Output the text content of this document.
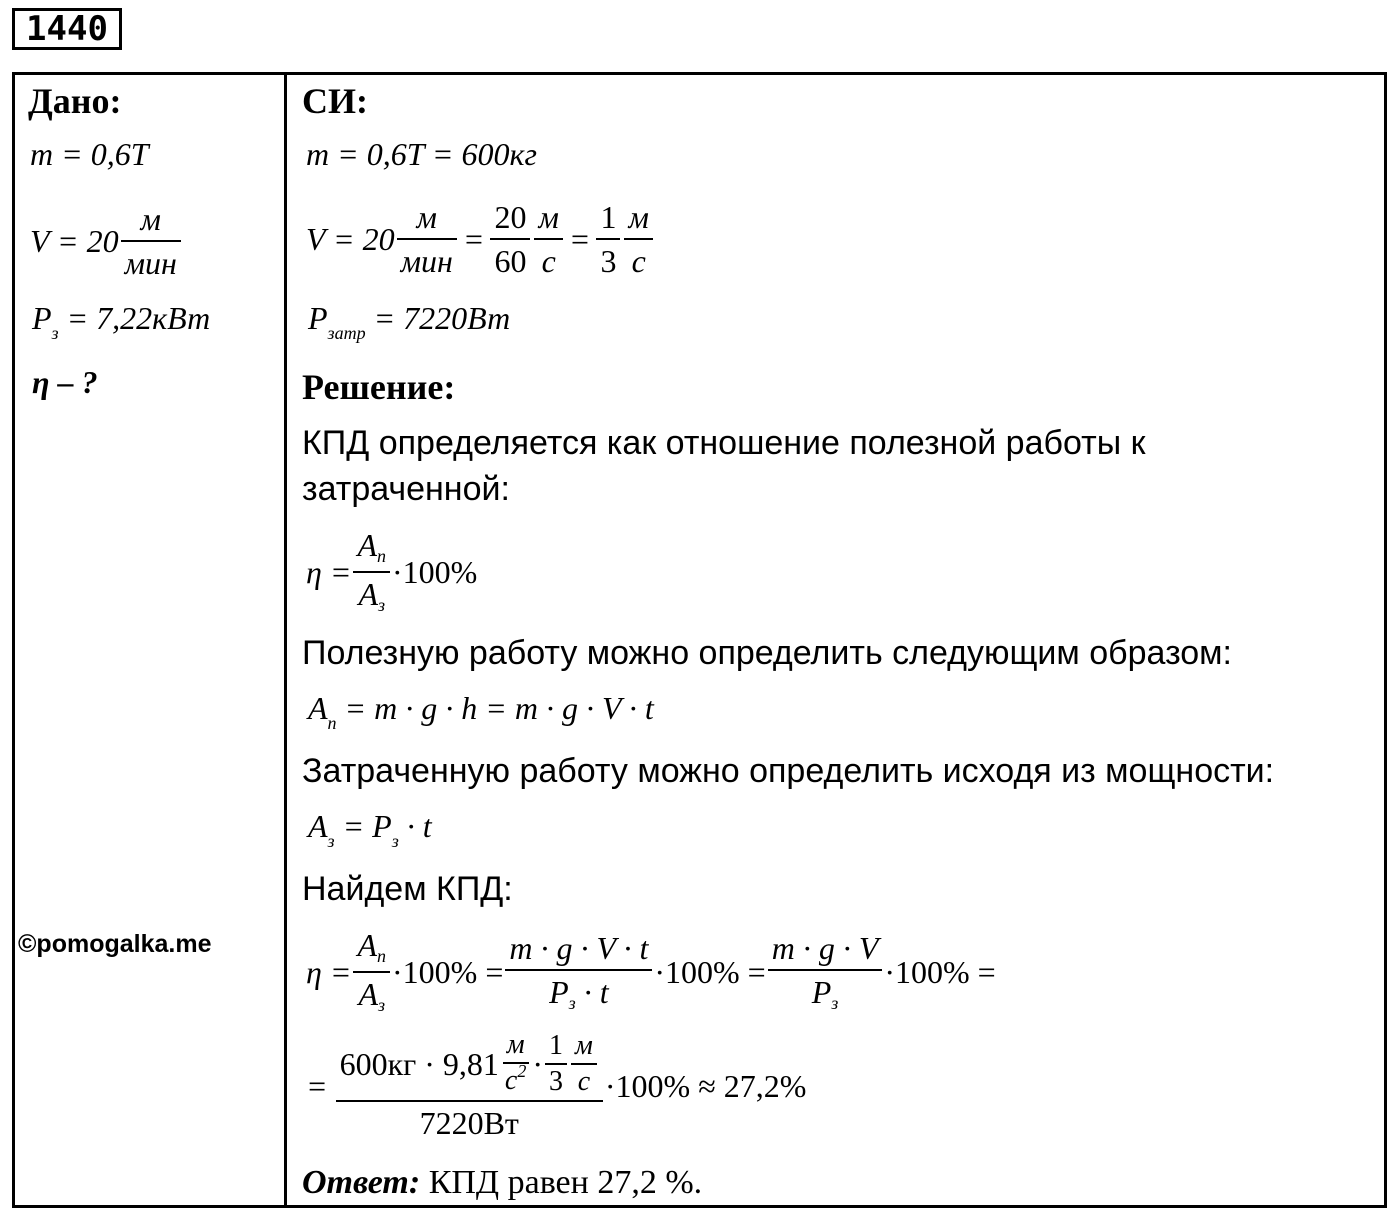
1440
Дано:
m = 0,6T
$V = 20 \frac{м}{\text{мин}}$
$P_з = 7,22кВт$
η – ?
©pomogalka.me
СИ:
m = 0,6T = 600кг
$V = 20 \frac{м}{\text{мин}} = \frac{20}{60} \frac{м}{с} = \frac{1}{3} \frac{м}{с}$
$P_{затр} = 7220Вт$
Решение:
КПД определяется как отношение полезной работы к
затраченной:
$\eta = \frac{Aп}{Aз} \cdot 100\%$
Полезную работу можно определить следующим образом:
$A_п = m \cdot g \cdot h = m \cdot g \cdot V \cdot t$
Затраченную работу можно определить исходя из мощности:
$A_з = P_з \cdot t$
Найдем КПД:
$\eta = \frac{Aп}{Aз} \cdot 100\% = \frac{m \cdot g \cdot V \cdot t}{Pз \cdot t} \cdot 100\% = \frac{m \cdot g \cdot V}{Pз} \cdot 100\%$ =
= $\frac{600кг \cdot 9,81 \frac{м}{с^2} \cdot \frac{1}{3} \frac{м}{с}}{7220Вт} \cdot 100\% \approx 27,2\%$
Ответ: КПД равен 27,2 %.
